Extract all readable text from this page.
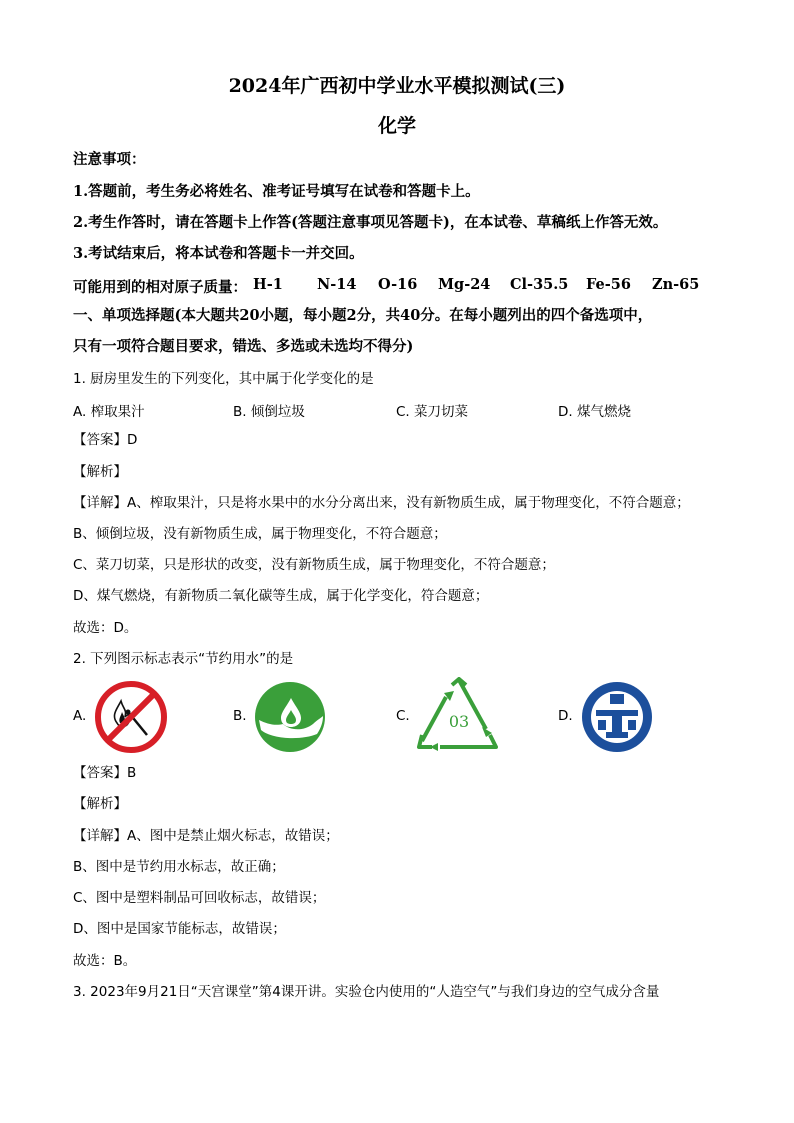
2024年广西初中学业水平模拟测试(三)
化学
注意事项：
1.答题前，考生务必将姓名、准考证号填写在试卷和答题卡上。
2.考生作答时，请在答题卡上作答(答题注意事项见答题卡)，在本试卷、草稿纸上作答无效。
3.考试结束后，将本试卷和答题卡一并交回。
可能用到的相对原子质量： H-1 N-14 O-16 Mg-24 Cl-35.5 Fe-56 Zn-65
一、单项选择题(本大题共20小题，每小题2分，共40分。在每小题列出的四个备选项中，
只有一项符合题目要求，错选、多选或未选均不得分)
1. 厨房里发生的下列变化，其中属于化学变化的是
A. 榨取果汁	B. 倾倒垃圾	C. 菜刀切菜	D. 煤气燃烧
【答案】D
【解析】
【详解】A、榨取果汁，只是将水果中的水分分离出来，没有新物质生成，属于物理变化，不符合题意；
B、倾倒垃圾，没有新物质生成，属于物理变化，不符合题意；
C、菜刀切菜，只是形状的改变，没有新物质生成，属于物理变化，不符合题意；
D、煤气燃烧，有新物质二氧化碳等生成，属于化学变化，符合题意；
故选：D。
2. 下列图示标志表示“节约用水”的是
A.	B.	C. 03	D.
【答案】B
【解析】
【详解】A、图中是禁止烟火标志，故错误；
B、图中是节约用水标志，故正确；
C、图中是塑料制品可回收标志，故错误；
D、图中是国家节能标志，故错误；
故选：B。
3. 2023年9月21日“天宫课堂”第4课开讲。实验仓内使用的“人造空气”与我们身边的空气成分含量
